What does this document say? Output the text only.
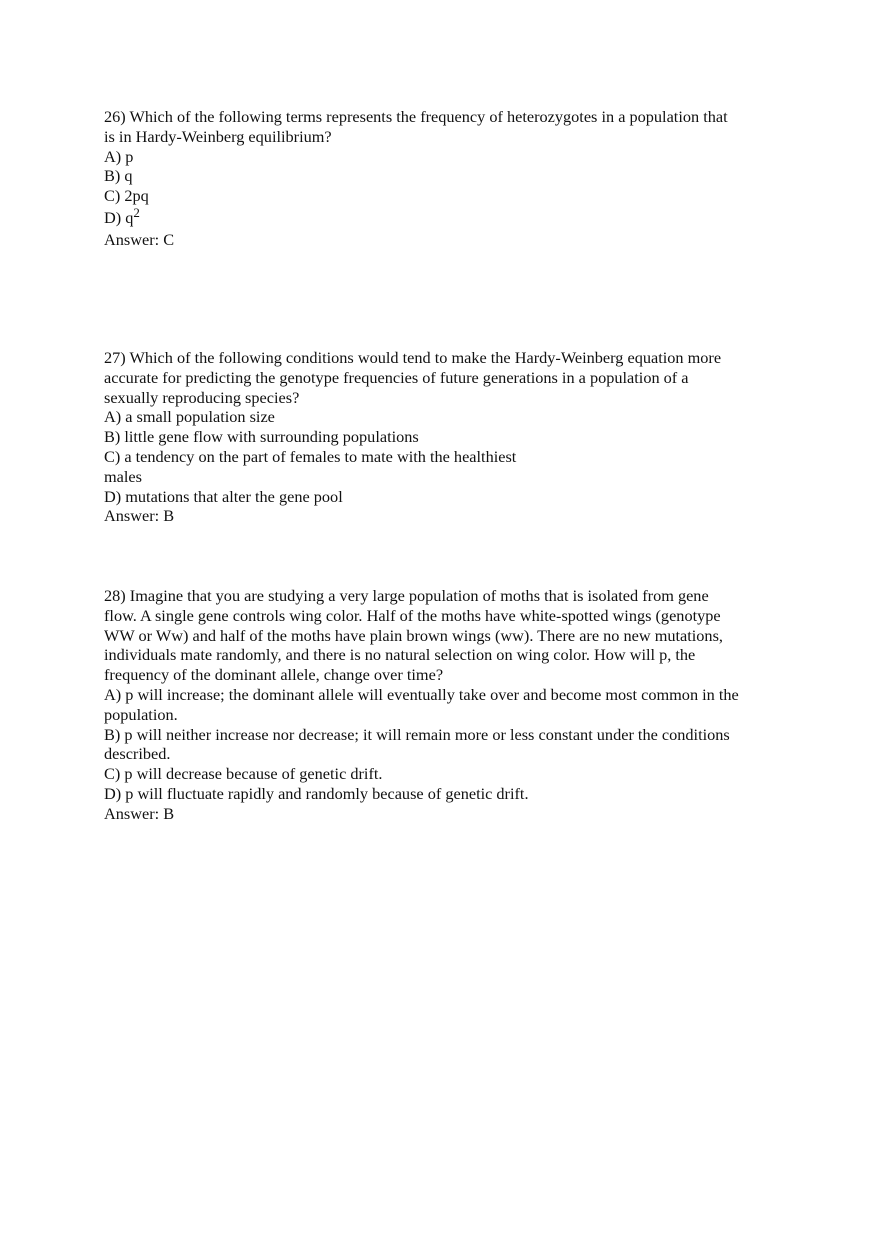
26) Which of the following terms represents the frequency of heterozygotes in a population that
is in Hardy-Weinberg equilibrium?
A) p
B) q
C) 2pq
D) $q^2$
Answer: C
27) Which of the following conditions would tend to make the Hardy-Weinberg equation more
accurate for predicting the genotype frequencies of future generations in a population of a
sexually reproducing species?
A) a small population size
B) little gene flow with surrounding populations
C) a tendency on the part of females to mate with the healthiest
males
D) mutations that alter the gene pool
Answer: B
28) Imagine that you are studying a very large population of moths that is isolated from gene
flow. A single gene controls wing color. Half of the moths have white-spotted wings (genotype
WW or Ww) and half of the moths have plain brown wings (ww). There are no new mutations,
individuals mate randomly, and there is no natural selection on wing color. How will p, the
frequency of the dominant allele, change over time?
A) p will increase; the dominant allele will eventually take over and become most common in the
population.
B) p will neither increase nor decrease; it will remain more or less constant under the conditions
described.
C) p will decrease because of genetic drift.
D) p will fluctuate rapidly and randomly because of genetic drift.
Answer: B
